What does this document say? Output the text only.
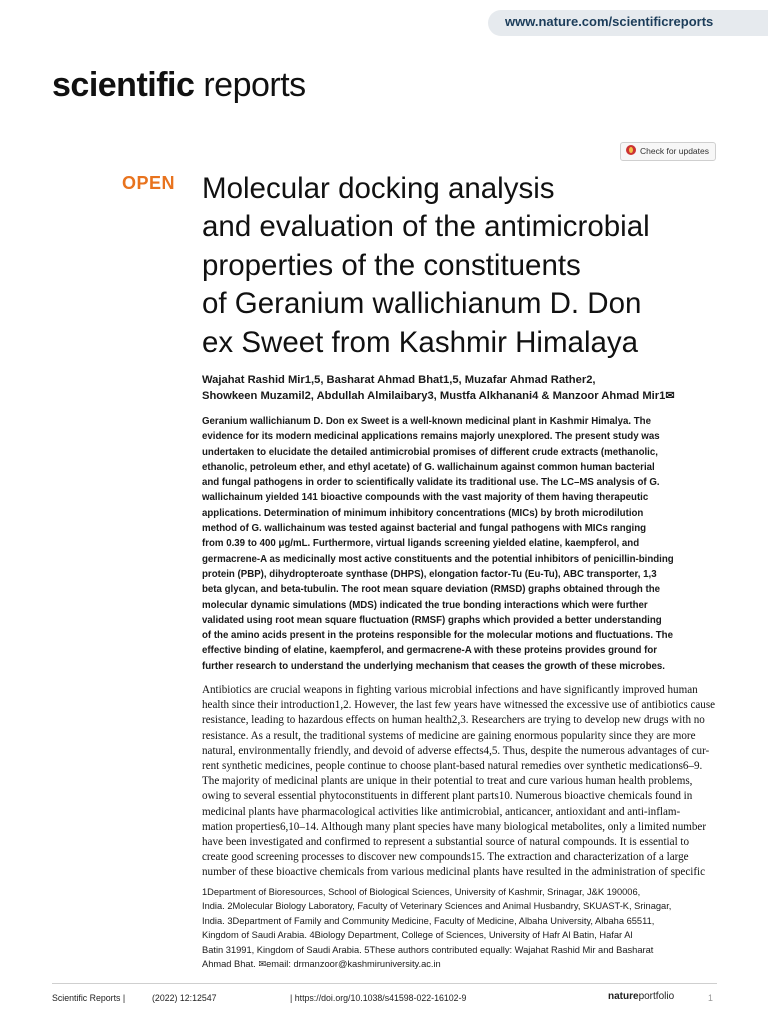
www.nature.com/scientificreports
scientific reports
Check for updates
OPEN Molecular docking analysis

and evaluation of the antimicrobial

properties of the constituents

of Geranium wallichianum D. Don

ex Sweet from Kashmir Himalaya

Wajahat Rashid Mir1,5, Basharat Ahmad Bhat1,5, Muzafar Ahmad Rather2,

Showkeen Muzamil2, Abdullah Almilaibary3, Mustfa Alkhanani4 & Manzoor Ahmad Mir1✉

Geranium wallichianum D. Don ex Sweet is a well-known medicinal plant in Kashmir Himalya. The

evidence for its modern medicinal applications remains majorly unexplored. The present study was

undertaken to elucidate the detailed antimicrobial promises of different crude extracts (methanolic,

ethanolic, petroleum ether, and ethyl acetate) of G. wallichainum against common human bacterial

and fungal pathogens in order to scientifically validate its traditional use. The LC–MS analysis of G.

wallichainum yielded 141 bioactive compounds with the vast majority of them having therapeutic

applications. Determination of minimum inhibitory concentrations (MICs) by broth microdilution

method of G. wallichainum was tested against bacterial and fungal pathogens with MICs ranging

from 0.39 to 400 μg/mL. Furthermore, virtual ligands screening yielded elatine, kaempferol, and

germacrene-A as medicinally most active constituents and the potential inhibitors of penicillin-binding

protein (PBP), dihydropteroate synthase (DHPS), elongation factor-Tu (Eu-Tu), ABC transporter, 1,3

beta glycan, and beta-tubulin. The root mean square deviation (RMSD) graphs obtained through the

molecular dynamic simulations (MDS) indicated the true bonding interactions which were further

validated using root mean square fluctuation (RMSF) graphs which provided a better understanding

of the amino acids present in the proteins responsible for the molecular motions and fluctuations. The

effective binding of elatine, kaempferol, and germacrene-A with these proteins provides ground for

further research to understand the underlying mechanism that ceases the growth of these microbes.

Antibiotics are crucial weapons in fighting various microbial infections and have significantly improved human

health since their introduction1,2. However, the last few years have witnessed the excessive use of antibiotics cause

resistance, leading to hazardous effects on human health2,3. Researchers are trying to develop new drugs with no

resistance. As a result, the traditional systems of medicine are gaining enormous popularity since they are more

natural, environmentally friendly, and devoid of adverse effects4,5. Thus, despite the numerous advantages of cur-

rent synthetic medicines, people continue to choose plant-based natural remedies over synthetic medications6–9.

The majority of medicinal plants are unique in their potential to treat and cure various human health problems,

owing to several essential phytoconstituents in different plant parts10. Numerous bioactive chemicals found in

medicinal plants have pharmacological activities like antimicrobial, anticancer, antioxidant and anti-inflam-

mation properties6,10–14. Although many plant species have many biological metabolites, only a limited number

have been investigated and confirmed to represent a substantial source of natural compounds. It is essential to

create good screening processes to discover new compounds15. The extraction and characterization of a large

number of these bioactive chemicals from various medicinal plants have resulted in the administration of specific

1Department of Bioresources, School of Biological Sciences, University of Kashmir, Srinagar, J&K 190006,

India. 2Molecular Biology Laboratory, Faculty of Veterinary Sciences and Animal Husbandry, SKUAST-K, Srinagar,

India. 3Department of Family and Community Medicine, Faculty of Medicine, Albaha University, Albaha 65511,

Kingdom of Saudi Arabia. 4Biology Department, College of Sciences, University of Hafr Al Batin, Hafar Al

Batin 31991, Kingdom of Saudi Arabia. 5These authors contributed equally: Wajahat Rashid Mir and Basharat

Ahmad Bhat. ✉email: drmanzoor@kashmiruniversity.ac.in

Scientific Reports |	(2022) 12:12547	| https://doi.org/10.1038/s41598-022-16102-9	natureportfolio	1
